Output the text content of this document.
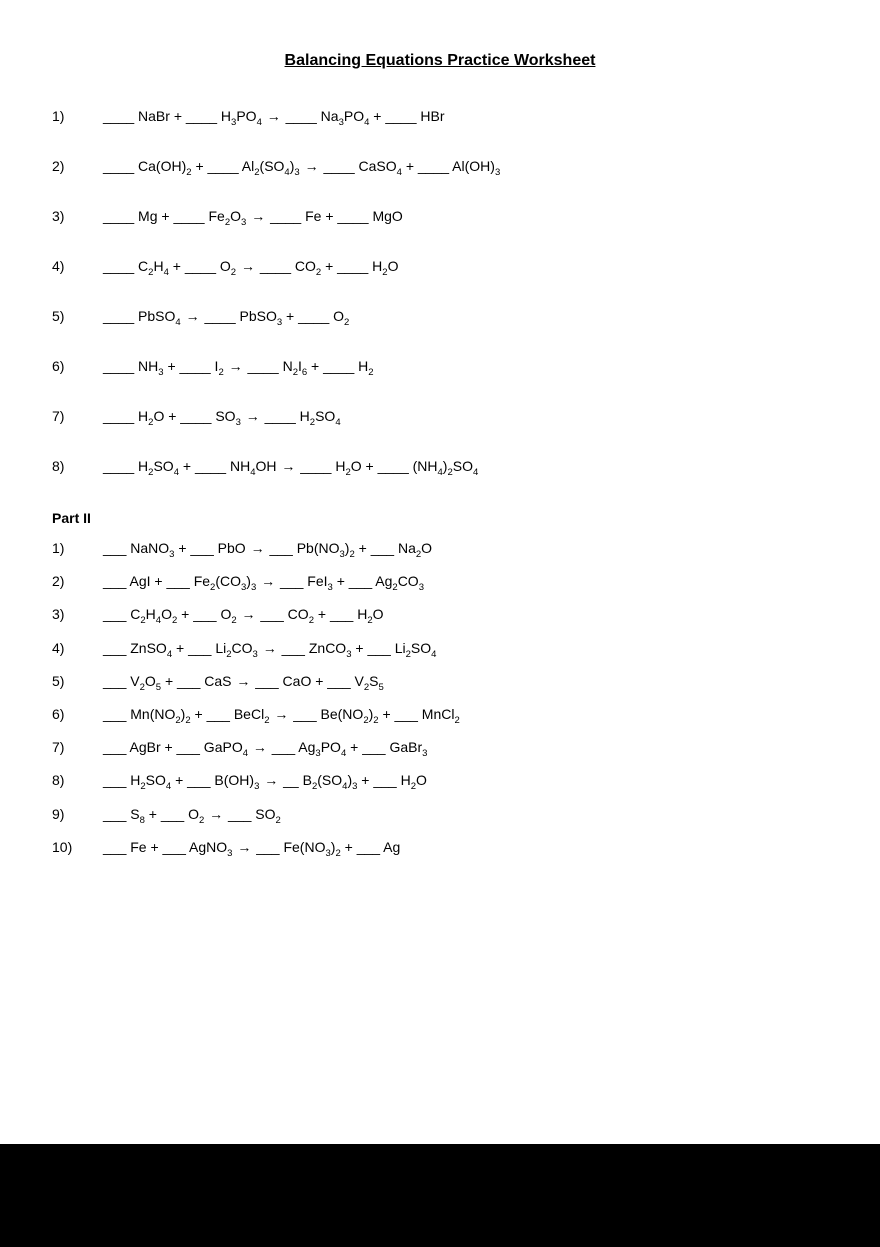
Balancing Equations Practice Worksheet
1)	____ NaBr + ____ $H_3PO_4$ → ____ $Na_3PO_4$ + ____ HBr
2)	____ $Ca(OH)_2$ + ____ $Al_2(SO_4)_3$ → ____ CaSO$_4$ + ____ $Al(OH)_3$
3)	____ Mg + ____ $Fe_2O_3$ → ____ Fe + ____ MgO
4)	____ $C_2H_4$ + ____ $O_2$ → ____ $CO_2$ + ____ $H_2O$
5)	____ PbSO$_4$ → ____ PbSO$_3$ + ____ $O_2$
6)	____ $NH_3$ + ____ $I_2$ → ____ $N_2I_6$ + ____ $H_2$
7)	____ $H_2O$ + ____ $SO_3$ → ____ $H_2SO_4$
8)	____ $H_2SO_4$ + ____ $NH_4OH$ → ____ $H_2O$ + ____ $(NH_4)_2SO_4$
Part II
1)	___ NaNO$_3$ + ___ PbO → ___ $Pb(NO_3)_2$ + ___ $Na_2O$
2)	___ AgI + ___ $Fe_2(CO_3)_3$ → ___ FeI$_3$ + ___ $Ag_2CO_3$
3)	___ $C_2H_4O_2$ + ___ $O_2$ → ___ $CO_2$ + ___ $H_2O$
4)	___ ZnSO$_4$ + ___ $Li_2CO_3$ → ___ ZnCO$_3$ + ___ $Li_2SO_4$
5)	___ $V_2O_5$ + ___ CaS → ___ CaO + ___ $V_2S_5$
6)	___ $Mn(NO_2)_2$ + ___ BeCl$_2$ → ___ $Be(NO_2)_2$ + ___ MnCl$_2$
7)	___ AgBr + ___ GaPO$_4$ → ___ $Ag_3PO_4$ + ___ GaBr$_3$
8)	___ $H_2SO_4$ + ___ $B(OH)_3$ → __ $B_2(SO_4)_3$ + ___ $H_2O$
9)	___ $S_8$ + ___ $O_2$ → ___ $SO_2$
10)	___ Fe + ___ AgNO$_3$ → ___ $Fe(NO_3)_2$ + ___ Ag
